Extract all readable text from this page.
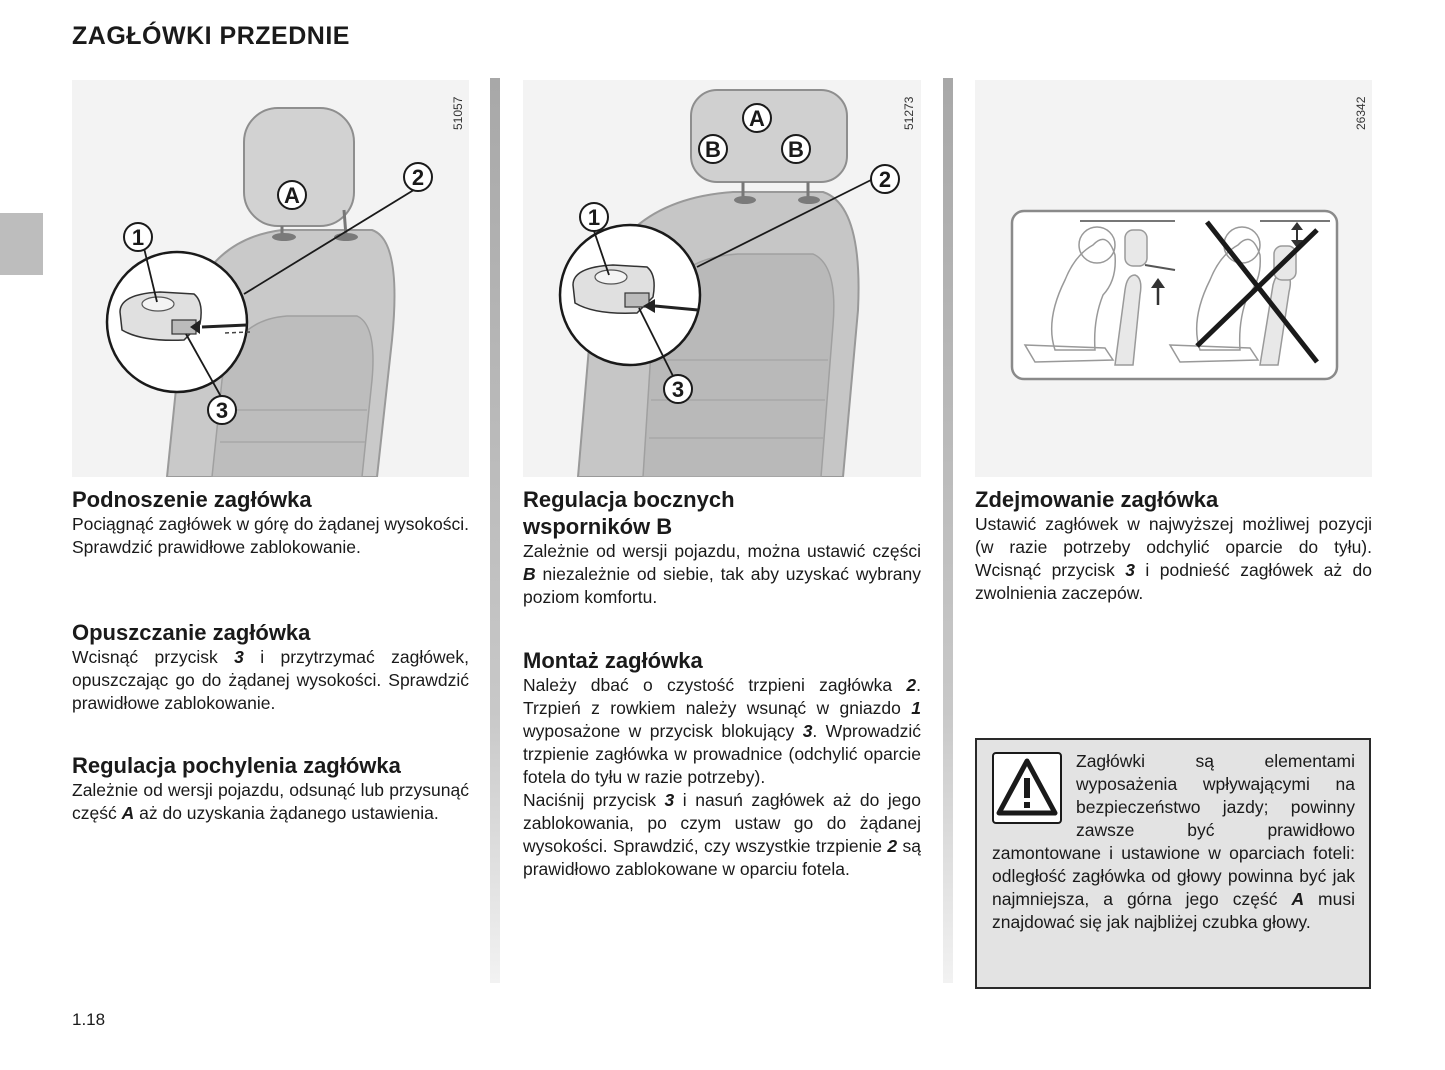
ZAGŁÓWKI PRZEDNIE
A
1
2
3
51057	A
B	B
1
2
3
51273	26342
Podnoszenie zagłówka

Pociągnąć zagłówek w górę do żądanej wysokości. Sprawdzić prawidłowe zablokowanie.

Opuszczanie zagłówka

Wcisnąć przycisk 3 i przytrzymać zagłówek, opuszczając go do żądanej wysokości. Sprawdzić prawidłowe zablokowanie.

Regulacja pochylenia zagłówka

Zależnie od wersji pojazdu, odsunąć lub przysunąć część A aż do uzyskania żądanego ustawienia.

Regulacja bocznych wsporników B

Zależnie od wersji pojazdu, można ustawić części B niezależnie od siebie, tak aby uzyskać wybrany poziom komfortu.

Montaż zagłówka

Należy dbać o czystość trzpieni zagłówka 2. Trzpień z rowkiem należy wsunąć w gniazdo 1 wyposażone w przycisk blokujący 3. Wprowadzić trzpienie zagłówka w prowadnice (odchylić oparcie fotela do tyłu w razie potrzeby).

Naciśnij przycisk 3 i nasuń zagłówek aż do jego zablokowania, po czym ustaw go do żądanej wysokości. Sprawdzić, czy wszystkie trzpienie 2 są prawidłowo zablokowane w oparciu fotela.

Zdejmowanie zagłówka

Ustawić zagłówek w najwyższej możliwej pozycji (w razie potrzeby odchylić oparcie do tyłu). Wcisnąć przycisk 3 i podnieść zagłówek aż do zwolnienia zaczepów.

Zagłówki są elementami wyposażenia wpływającymi na bezpieczeństwo jazdy; powinny zawsze być prawidłowo zamontowane i ustawione w oparciach foteli: odległość zagłówka od głowy powinna być jak najmniejsza, a górna jego część A musi znajdować się jak najbliżej czubka głowy.

1.18
